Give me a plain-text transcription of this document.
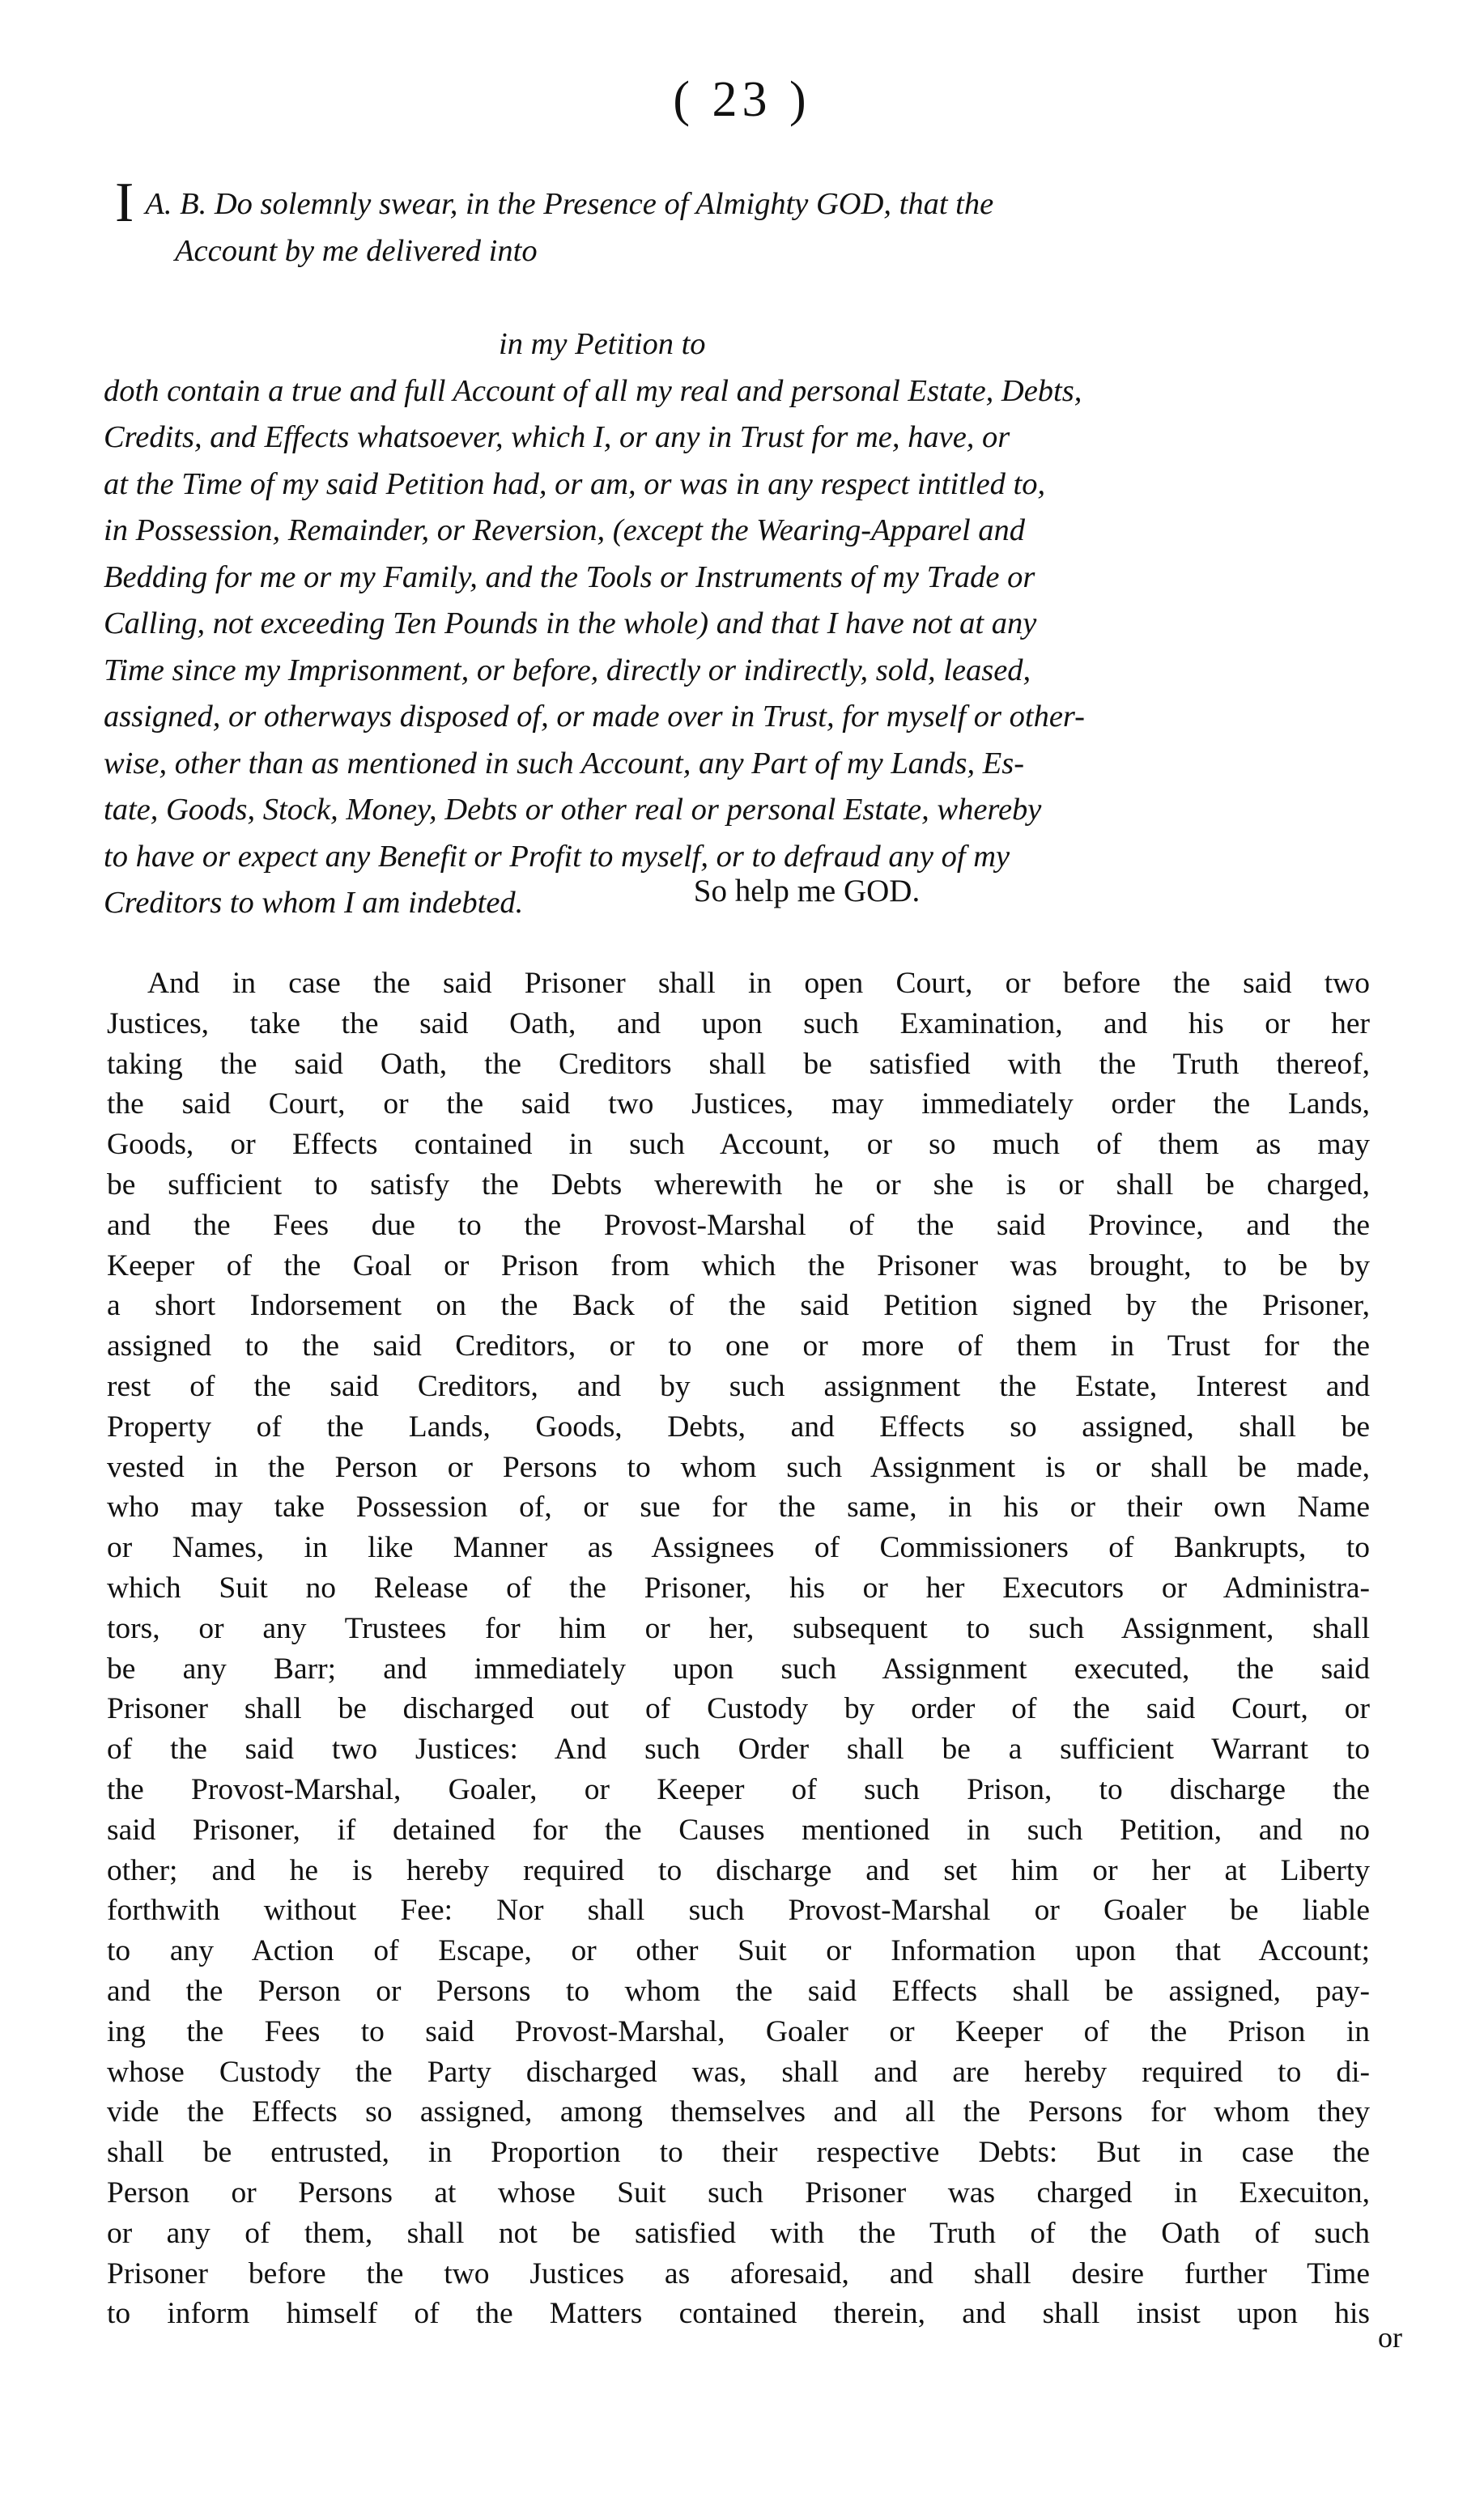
( 23 )
I A. B. Do solemnly swear, in the Presence of Almighty GOD, that the
Account by me delivered into
in my Petition to
doth contain a true and full Account of all my real and personal Estate, Debts,
Credits, and Effects whatsoever, which I, or any in Trust for me, have, or
at the Time of my said Petition had, or am, or was in any respect intitled to,
in Possession, Remainder, or Reversion, (except the Wearing-Apparel and
Bedding for me or my Family, and the Tools or Instruments of my Trade or
Calling, not exceeding Ten Pounds in the whole) and that I have not at any
Time since my Imprisonment, or before, directly or indirectly, sold, leased,
assigned, or otherways disposed of, or made over in Trust, for myself or other-
wise, other than as mentioned in such Account, any Part of my Lands, Es-
tate, Goods, Stock, Money, Debts or other real or personal Estate, whereby
to have or expect any Benefit or Profit to myself, or to defraud any of my
Creditors to whom I am indebted.	So help me GOD.
And in case the said Prisoner shall in open Court, or before the said two
Justices, take the said Oath, and upon such Examination, and his or her
taking the said Oath, the Creditors shall be satisfied with the Truth thereof,
the said Court, or the said two Justices, may immediately order the Lands,
Goods, or Effects contained in such Account, or so much of them as may
be sufficient to satisfy the Debts wherewith he or she is or shall be charged,
and the Fees due to the Provost-Marshal of the said Province, and the
Keeper of the Goal or Prison from which the Prisoner was brought, to be by
a short Indorsement on the Back of the said Petition signed by the Prisoner,
assigned to the said Creditors, or to one or more of them in Trust for the
rest of the said Creditors, and by such assignment the Estate, Interest and
Property of the Lands, Goods, Debts, and Effects so assigned, shall be
vested in the Person or Persons to whom such Assignment is or shall be made,
who may take Possession of, or sue for the same, in his or their own Name
or Names, in like Manner as Assignees of Commissioners of Bankrupts, to
which Suit no Release of the Prisoner, his or her Executors or Administra-
tors, or any Trustees for him or her, subsequent to such Assignment, shall
be any Barr; and immediately upon such Assignment executed, the said
Prisoner shall be discharged out of Custody by order of the said Court, or
of the said two Justices: And such Order shall be a sufficient Warrant to
the Provost-Marshal, Goaler, or Keeper of such Prison, to discharge the
said Prisoner, if detained for the Causes mentioned in such Petition, and no
other; and he is hereby required to discharge and set him or her at Liberty
forthwith without Fee: Nor shall such Provost-Marshal or Goaler be liable
to any Action of Escape, or other Suit or Information upon that Account;
and the Person or Persons to whom the said Effects shall be assigned, pay-
ing the Fees to said Provost-Marshal, Goaler or Keeper of the Prison in
whose Custody the Party discharged was, shall and are hereby required to di-
vide the Effects so assigned, among themselves and all the Persons for whom they
shall be entrusted, in Proportion to their respective Debts: But in case the
Person or Persons at whose Suit such Prisoner was charged in Execuiton,
or any of them, shall not be satisfied with the Truth of the Oath of such
Prisoner before the two Justices as aforesaid, and shall desire further Time
to inform himself of the Matters contained therein, and shall insist upon his
or
